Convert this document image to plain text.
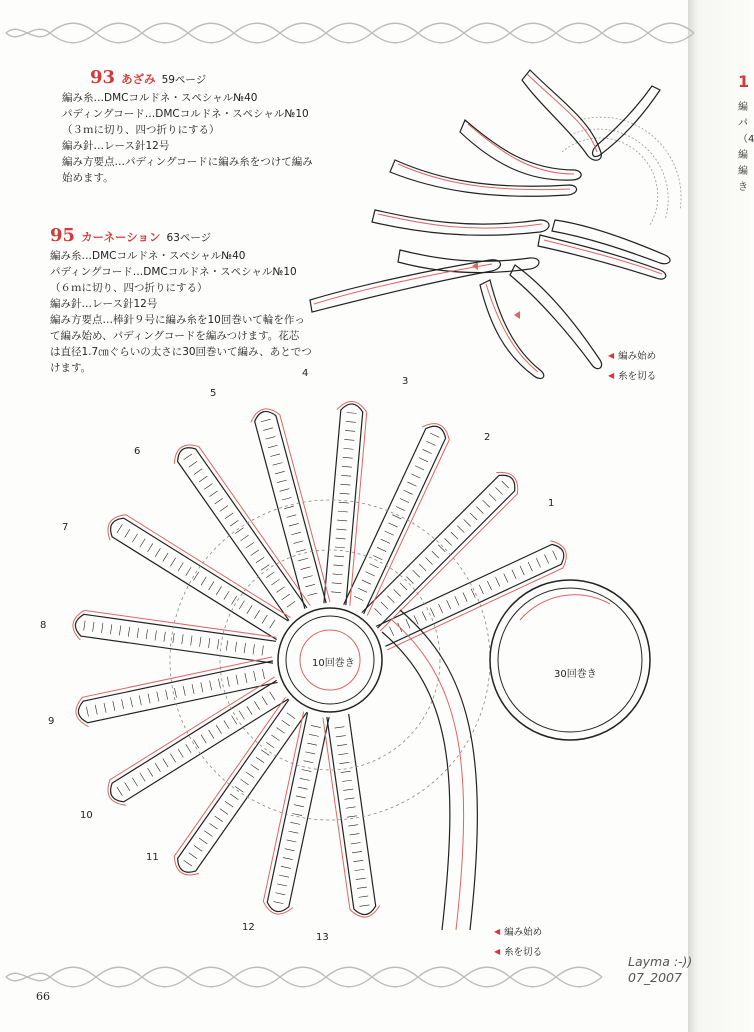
1
編
パ
（4
編
編
き
93 あざみ 59ページ
編み糸…DMCコルドネ・スペシャル№40
パディングコード…DMCコルドネ・スペシャル№10
（３ｍに切り、四つ折りにする）
編み針…レース針12号
編み方要点…パディングコードに編み糸をつけて編み
始めます。
95 カーネーション 63ページ
編み糸…DMCコルドネ・スペシャル№40
パディングコード…DMCコルドネ・スペシャル№10
（６ｍに切り、四つ折りにする）
編み針…レース針12号
編み方要点…棒針９号に編み糸を10回巻いて輪を作っ
て編み始め、パディングコードを編みつけます。花芯
は直径1.7㎝ぐらいの太さに30回巻いて編み、あとでつ
けます。
◀ 編み始め
◀ 糸を切る
10回巻き
30回巻き
1
2
3
4
5
6
7
8
9
10
11
12
13
◀ 編み始め
◀ 糸を切る
66
Layma :-))
07_2007
